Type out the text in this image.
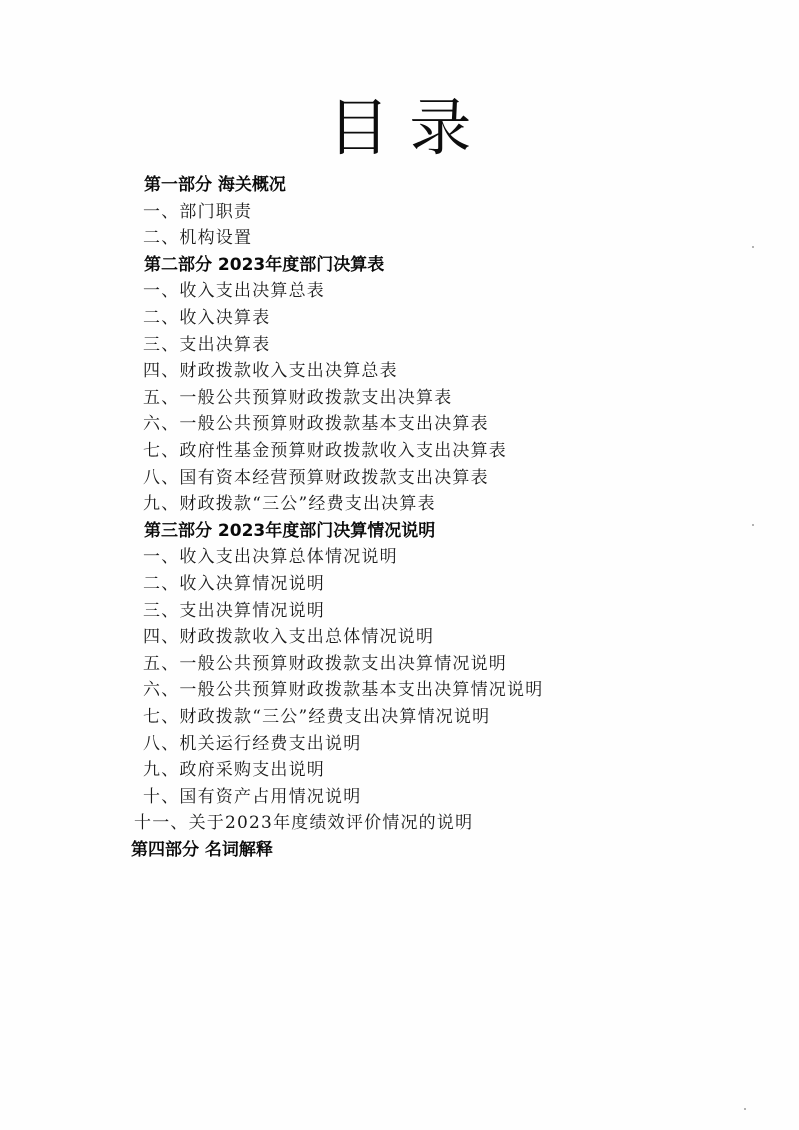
目 录
第一部分 海关概况
一、部门职责
二、机构设置
第二部分 2023年度部门决算表
一、收入支出决算总表
二、收入决算表
三、支出决算表
四、财政拨款收入支出决算总表
五、一般公共预算财政拨款支出决算表
六、一般公共预算财政拨款基本支出决算表
七、政府性基金预算财政拨款收入支出决算表
八、国有资本经营预算财政拨款支出决算表
九、财政拨款“三公”经费支出决算表
第三部分 2023年度部门决算情况说明
一、收入支出决算总体情况说明
二、收入决算情况说明
三、支出决算情况说明
四、财政拨款收入支出总体情况说明
五、一般公共预算财政拨款支出决算情况说明
六、一般公共预算财政拨款基本支出决算情况说明
七、财政拨款“三公”经费支出决算情况说明
八、机关运行经费支出说明
九、政府采购支出说明
十、国有资产占用情况说明
十一、关于2023年度绩效评价情况的说明
第四部分 名词解释
